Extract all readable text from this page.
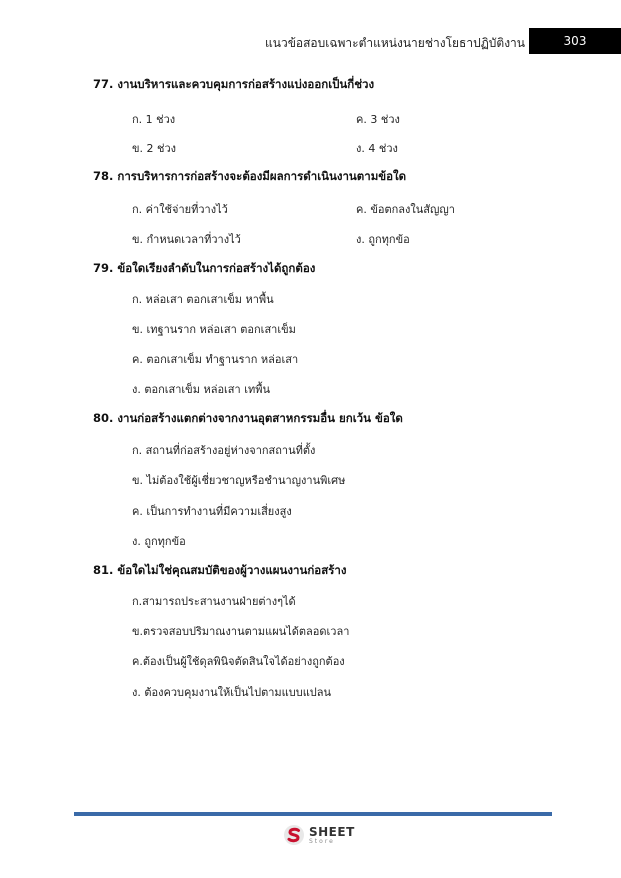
แนวข้อสอบเฉพาะตำแหน่งนายช่างโยธาปฏิบัติงาน	303
77. งานบริหารและควบคุมการก่อสร้างแบ่งออกเป็นกี่ช่วง
ก. 1 ช่วง	ค. 3 ช่วง
ข. 2 ช่วง	ง. 4 ช่วง
78. การบริหารการก่อสร้างจะต้องมีผลการดำเนินงานตามข้อใด
ก. ค่าใช้จ่ายที่วางไว้	ค. ข้อตกลงในสัญญา
ข. กำหนดเวลาที่วางไว้	ง. ถูกทุกข้อ
79. ข้อใดเรียงลำดับในการก่อสร้างได้ถูกต้อง
ก. หล่อเสา ตอกเสาเข็ม หาพื้น
ข. เทฐานราก หล่อเสา ตอกเสาเข็ม
ค. ตอกเสาเข็ม ทำฐานราก หล่อเสา
ง. ตอกเสาเข็ม หล่อเสา เทพื้น
80. งานก่อสร้างแตกต่างจากงานอุตสาหกรรมอื่น ยกเว้น ข้อใด
ก. สถานที่ก่อสร้างอยู่ห่างจากสถานที่ตั้ง
ข. ไม่ต้องใช้ผู้เชี่ยวชาญหรือชำนาญงานพิเศษ
ค. เป็นการทำงานที่มีความเสี่ยงสูง
ง. ถูกทุกข้อ
81. ข้อใดไม่ใช่คุณสมบัติของผู้วางแผนงานก่อสร้าง
ก.สามารถประสานงานฝ่ายต่างๆได้
ข.ตรวจสอบปริมาณงานตามแผนได้ตลอดเวลา
ค.ต้องเป็นผู้ใช้ดุลพินิจตัดสินใจได้อย่างถูกต้อง
ง. ต้องควบคุมงานให้เป็นไปตามแบบแปลน
SHEET
Store
